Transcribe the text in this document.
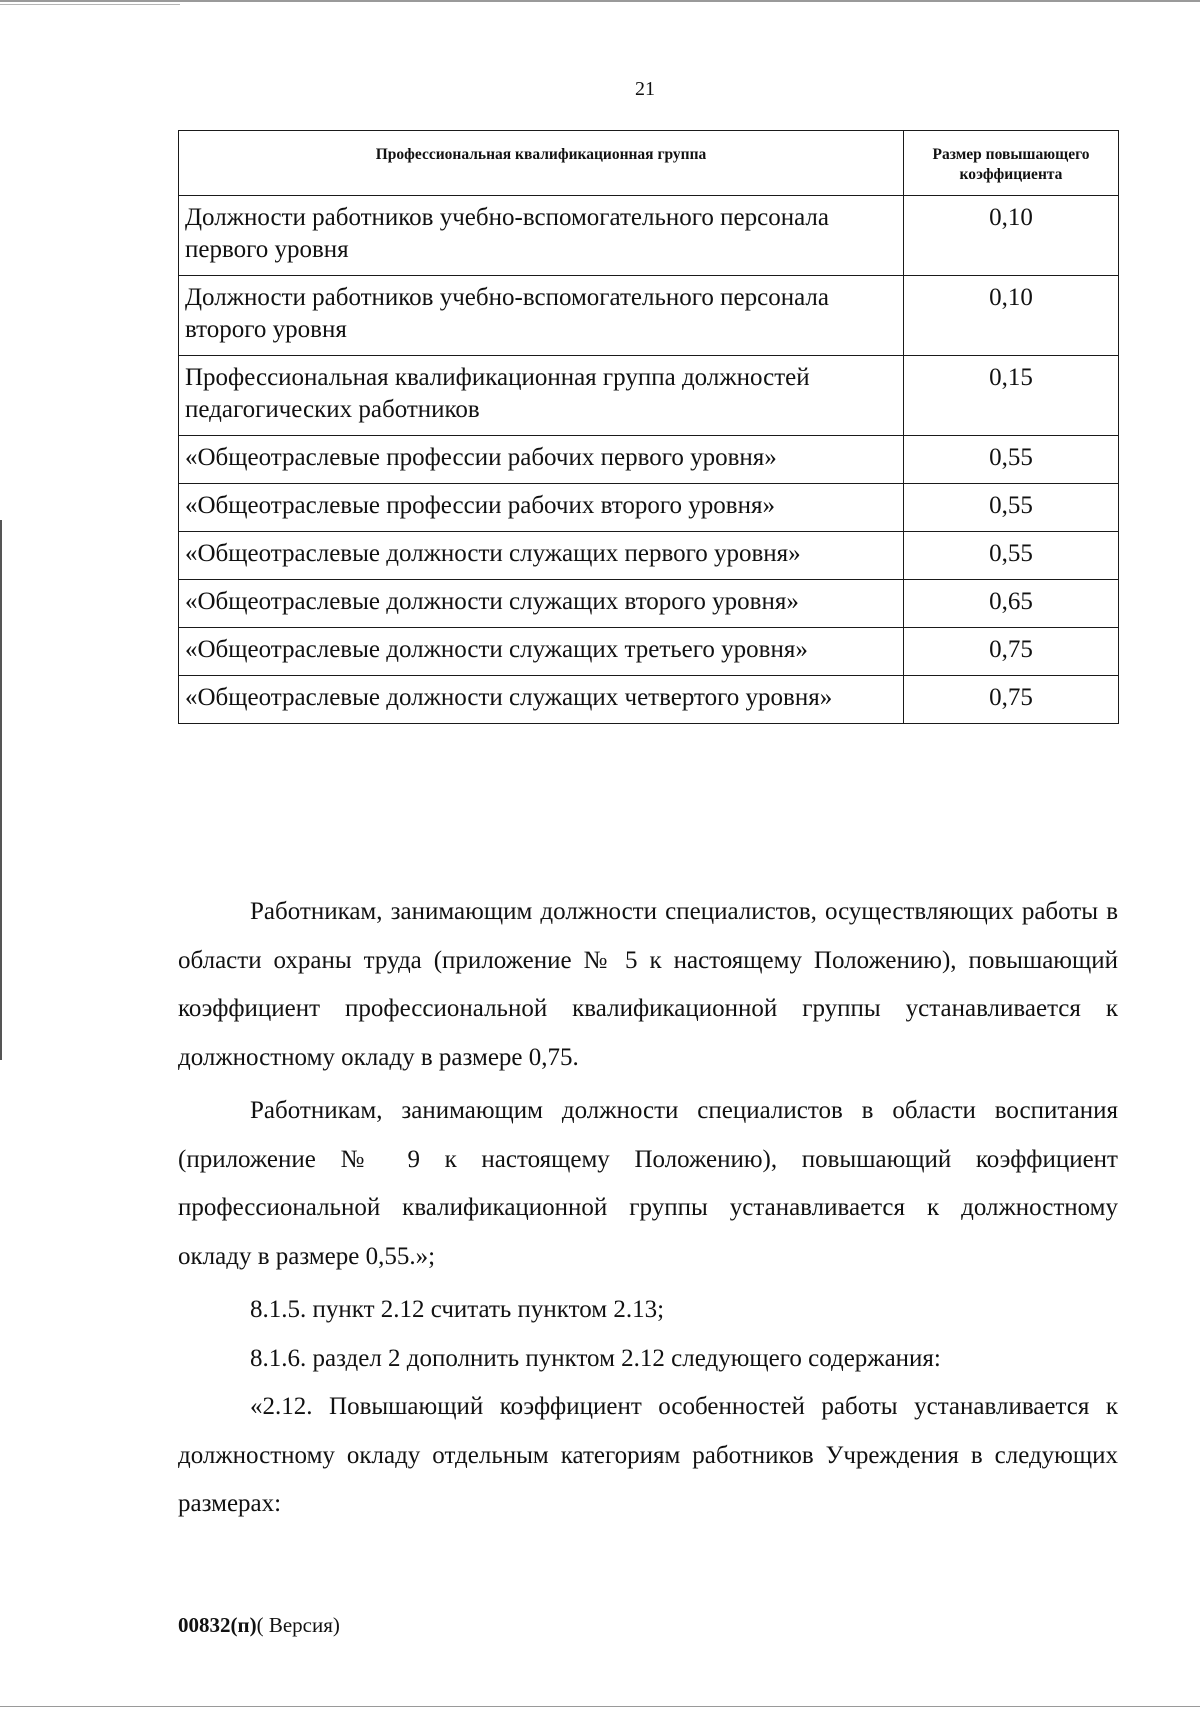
21
Профессиональная квалификационная группа	Размер повышающего коэффициента
Должности работников учебно-вспомогательного персонала первого уровня	0,10
Должности работников учебно-вспомогательного персонала второго уровня	0,10
Профессиональная квалификационная группа должностей педагогических работников	0,15
«Общеотраслевые профессии рабочих первого уровня»	0,55
«Общеотраслевые профессии рабочих второго уровня»	0,55
«Общеотраслевые должности служащих первого уровня»	0,55
«Общеотраслевые должности служащих второго уровня»	0,65
«Общеотраслевые должности служащих третьего уровня»	0,75
«Общеотраслевые должности служащих четвертого уровня»	0,75

Работникам, занимающим должности специалистов, осуществляющих работы в области охраны труда (приложение № 5 к настоящему Положению), повышающий коэффициент профессиональной квалификационной группы устанавливается к должностному окладу в размере 0,75.

Работникам, занимающим должности специалистов в области воспитания (приложение № 9 к настоящему Положению), повышающий коэффициент профессиональной квалификационной группы устанавливается к должностному окладу в размере 0,55.»;

8.1.5. пункт 2.12 считать пунктом 2.13;

8.1.6. раздел 2 дополнить пунктом 2.12 следующего содержания:

«2.12. Повышающий коэффициент особенностей работы устанавливается к должностному окладу отдельным категориям работников Учреждения в следующих размерах:

00832(п)( Версия)
